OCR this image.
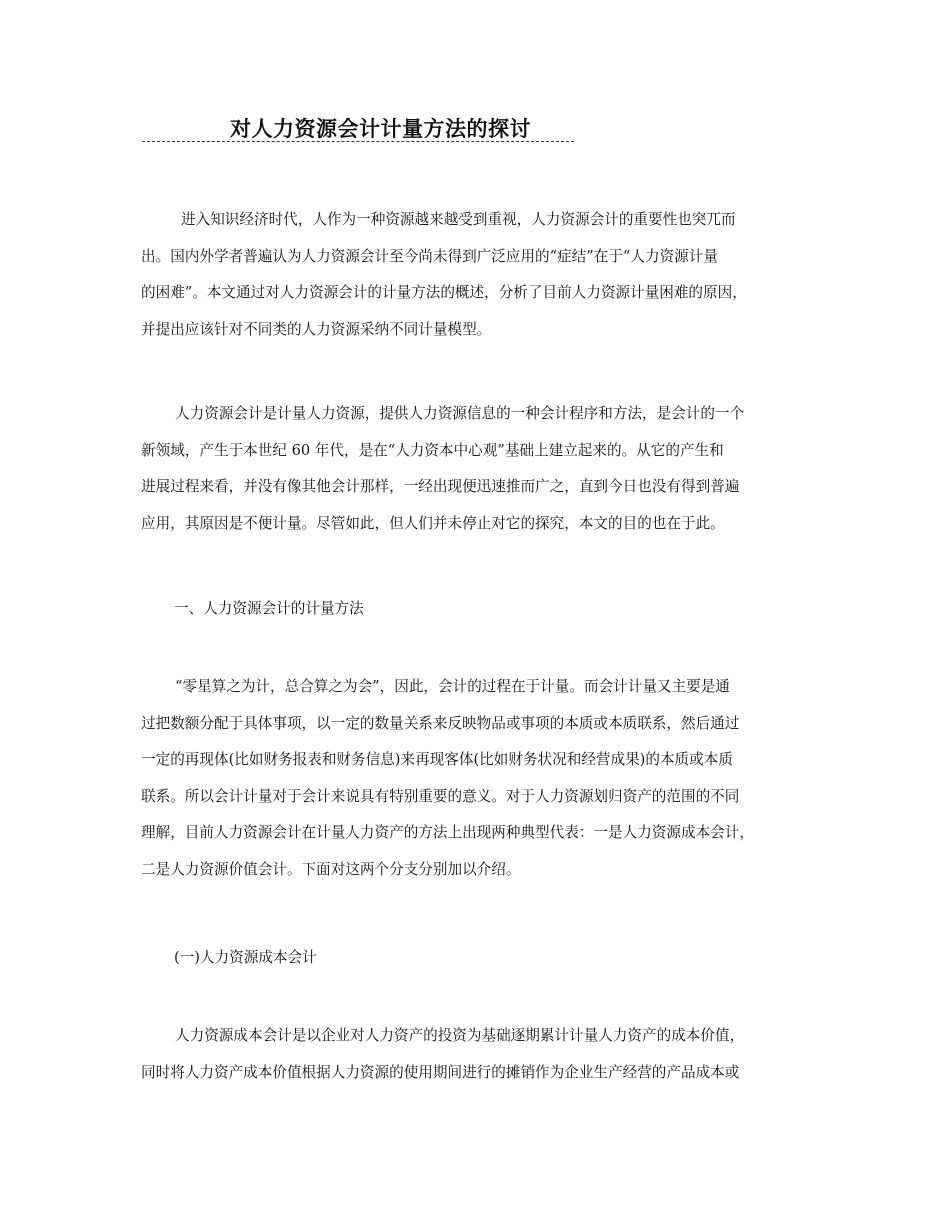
对人力资源会计计量方法的探讨
进入知识经济时代，人作为一种资源越来越受到重视，人力资源会计的重要性也突兀而
出。国内外学者普遍认为人力资源会计至今尚未得到广泛应用的“症结”在于“人力资源计量
的困难”。本文通过对人力资源会计的计量方法的概述，分析了目前人力资源计量困难的原因，
并提出应该针对不同类的人力资源采纳不同计量模型。
人力资源会计是计量人力资源，提供人力资源信息的一种会计程序和方法，是会计的一个
新领域，产生于本世纪 60 年代，是在“人力资本中心观”基础上建立起来的。从它的产生和
进展过程来看，并没有像其他会计那样，一经出现便迅速推而广之，直到今日也没有得到普遍
应用，其原因是不便计量。尽管如此，但人们并未停止对它的探究，本文的目的也在于此。
一、人力资源会计的计量方法
“零星算之为计，总合算之为会”，因此，会计的过程在于计量。而会计计量又主要是通
过把数额分配于具体事项，以一定的数量关系来反映物品或事项的本质或本质联系，然后通过
一定的再现体(比如财务报表和财务信息)来再现客体(比如财务状况和经营成果)的本质或本质
联系。所以会计计量对于会计来说具有特别重要的意义。对于人力资源划归资产的范围的不同
理解，目前人力资源会计在计量人力资产的方法上出现两种典型代表：一是人力资源成本会计，
二是人力资源价值会计。下面对这两个分支分别加以介绍。
(一)人力资源成本会计
人力资源成本会计是以企业对人力资产的投资为基础逐期累计计量人力资产的成本价值，
同时将人力资产成本价值根据人力资源的使用期间进行的摊销作为企业生产经营的产品成本或
